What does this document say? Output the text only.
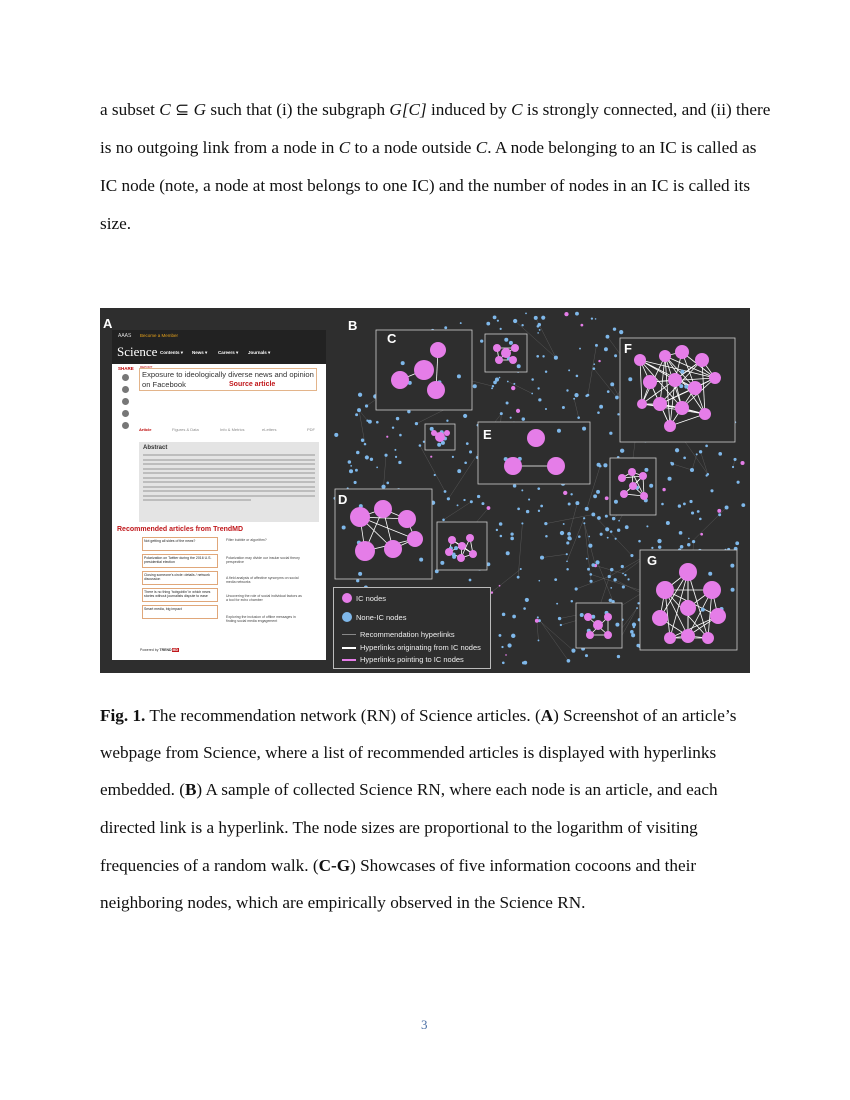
a subset C ⊆ G such that (i) the subgraph G[C] induced by C is strongly connected, and (ii) there
is no outgoing link from a node in C to a node outside C. A node belonging to an IC is called as
IC node (note, a node at most belongs to one IC) and the number of nodes in an IC is called its
size.
A	B
AAAS Become a Member
Science Contents ▾ News ▾ Careers ▾ Journals ▾
SHARE REPORT
Exposure to ideologically diverse news and opinion on Facebook	Source article
Article	Figures & Data	Info & Metrics	eLetters	PDF
Abstract
Recommended articles from TrendMD
Not getting all sides of the news?
Polarization on Twitter during the 2016 U.S. presidential election
Closing someone's circle: details / network discussion
There is no thing 'hobgoblin' in which news stories without journalists dispute to ease
Smart media, big impact
Filter bubble or algorithm?
Polarization may divide our insular social theory perspective
A field analysis of affective synonyms on social media networks
Uncovering the role of social individual factors as a tool for echo chamber
Exploring the inclusion of offline messages in finding social media engagement
Powered by TRENDMD
C
D
E
F
G
IC nodes
None-IC nodes
Recommendation hyperlinks
Hyperlinks originating from IC nodes
Hyperlinks pointing to IC nodes
Fig. 1. The recommendation network (RN) of Science articles. (A) Screenshot of an article’s
webpage from Science, where a list of recommended articles is displayed with hyperlinks
embedded. (B) A sample of collected Science RN, where each node is an article, and each
directed link is a hyperlink. The node sizes are proportional to the logarithm of visiting
frequencies of a random walk. (C-G) Showcases of five information cocoons and their
neighboring nodes, which are empirically observed in the Science RN.
3
